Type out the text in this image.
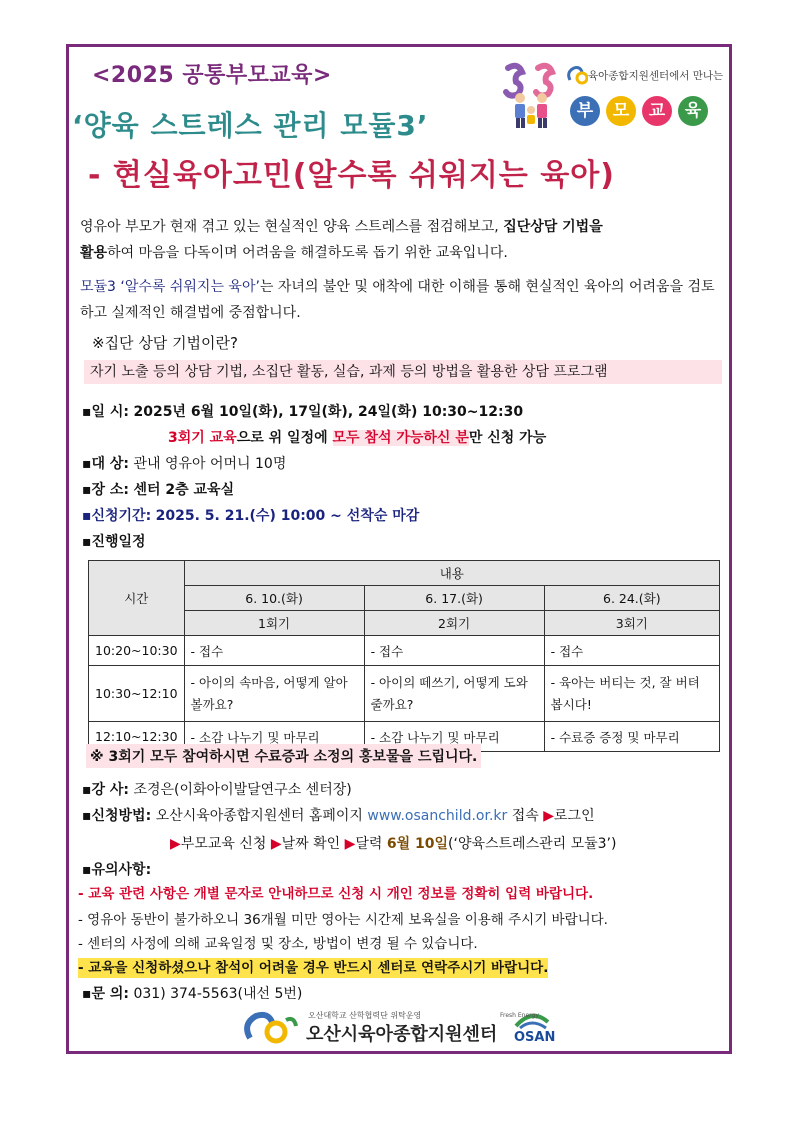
<2025 공통부모교육>
‘양육 스트레스 관리 모듈3’
- 현실육아고민(알수록 쉬워지는 육아)
육아종합지원센터에서 만나는
부	모	교	육
영유아 부모가 현재 겪고 있는 현실적인 양육 스트레스를 점검해보고, 집단상담 기법을
활용하여 마음을 다독이며 어려움을 해결하도록 돕기 위한 교육입니다.
모듈3 ‘알수록 쉬워지는 육아’는 자녀의 불안 및 애착에 대한 이해를 통해 현실적인 육아의 어려움을 검토하고 실제적인 해결법에 중점합니다.
※집단 상담 기법이란?
자기 노출 등의 상담 기법, 소집단 활동, 실습, 과제 등의 방법을 활용한 상담 프로그램
▪일 시: 2025년 6월 10일(화), 17일(화), 24일(화) 10:30~12:30
3회기 교육으로 위 일정에 모두 참석 가능하신 분만 신청 가능
▪대 상: 관내 영유아 어머니 10명
▪장 소: 센터 2층 교육실
▪신청기간: 2025. 5. 21.(수) 10:00 ~ 선착순 마감
▪진행일정
시간	내용		
	6. 10.(화)	6. 17.(화)	6. 24.(화)
	1회기	2회기	3회기
10:20~10:30	- 접수	- 접수	- 접수
10:30~12:10	- 아이의 속마음, 어떻게 알아볼까요?	- 아이의 떼쓰기, 어떻게 도와줄까요?	- 육아는 버티는 것, 잘 버텨 봅시다!
12:10~12:30	- 소감 나누기 및 마무리	- 소감 나누기 및 마무리	- 수료증 증정 및 마무리
※ 3회기 모두 참여하시면 수료증과 소정의 홍보물을 드립니다.
▪강 사: 조경은(이화아이발달연구소 센터장)
▪신청방법: 오산시육아종합지원센터 홈페이지 www.osanchild.or.kr 접속 ▶로그인
▶부모교육 신청 ▶날짜 확인 ▶달력 6월 10일(‘양육스트레스관리 모듈3’)
▪유의사항:
- 교육 관련 사항은 개별 문자로 안내하므로 신청 시 개인 정보를 정확히 입력 바랍니다.
- 영유아 동반이 불가하오니 36개월 미만 영아는 시간제 보육실을 이용해 주시기 바랍니다.
- 센터의 사정에 의해 교육일정 및 장소, 방법이 변경 될 수 있습니다.
- 교육을 신청하셨으나 참석이 어려울 경우 반드시 센터로 연락주시기 바랍니다.
▪문 의: 031) 374-5563(내선 5번)
오산대학교 산학협력단 위탁운영
오산시육아종합지원센터
Fresh Energy
OSAN
